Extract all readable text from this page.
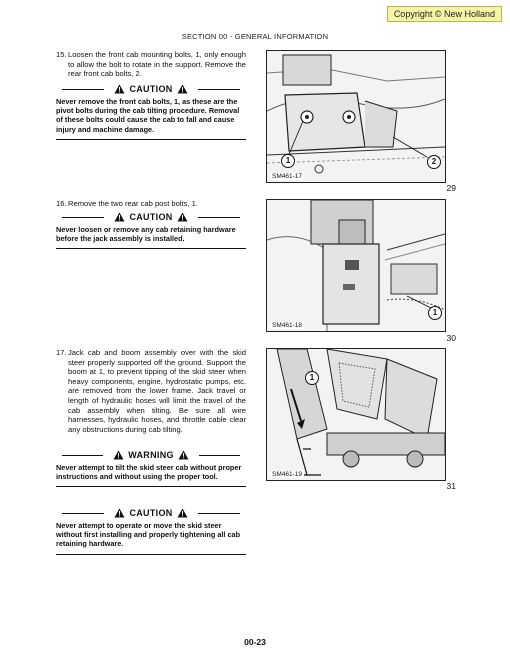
Copyright © New Holland
SECTION 00 - GENERAL INFORMATION
15. Loosen the front cab mounting bolts, 1, only enough to allow the bolt to rotate in the support. Remove the rear front cab bolts, 2.
CAUTION
Never remove the front cab bolts, 1, as these are the pivot bolts during the cab tilting procedure. Removal of these bolts could cause the cab to fall and cause injury and machine damage.
16. Remove the two rear cab post bolts, 1.
CAUTION
Never loosen or remove any cab retaining hardware before the jack assembly is installed.
17. Jack cab and boom assembly over with the skid steer properly supported off the ground. Support the boom at 1, to prevent tipping of the skid steer when heavy components, engine, hydrostatic pumps, etc. are removed from the lower frame. Jack travel or length of hydraulic hoses will limit the travel of the cab assembly when tilting. Be sure all wire harnesses, hydraulic hoses, and throttle cable clear any obstructions during cab tilting.
WARNING
Never attempt to tilt the skid steer cab without proper instructions and without using the proper tool.
CAUTION
Never attempt to operate or move the skid steer without first installing and properly tightening all cab retaining hardware.
1	2
SM461-17
29
1
SM461-18
30
1
SM461-19
31
00-23
